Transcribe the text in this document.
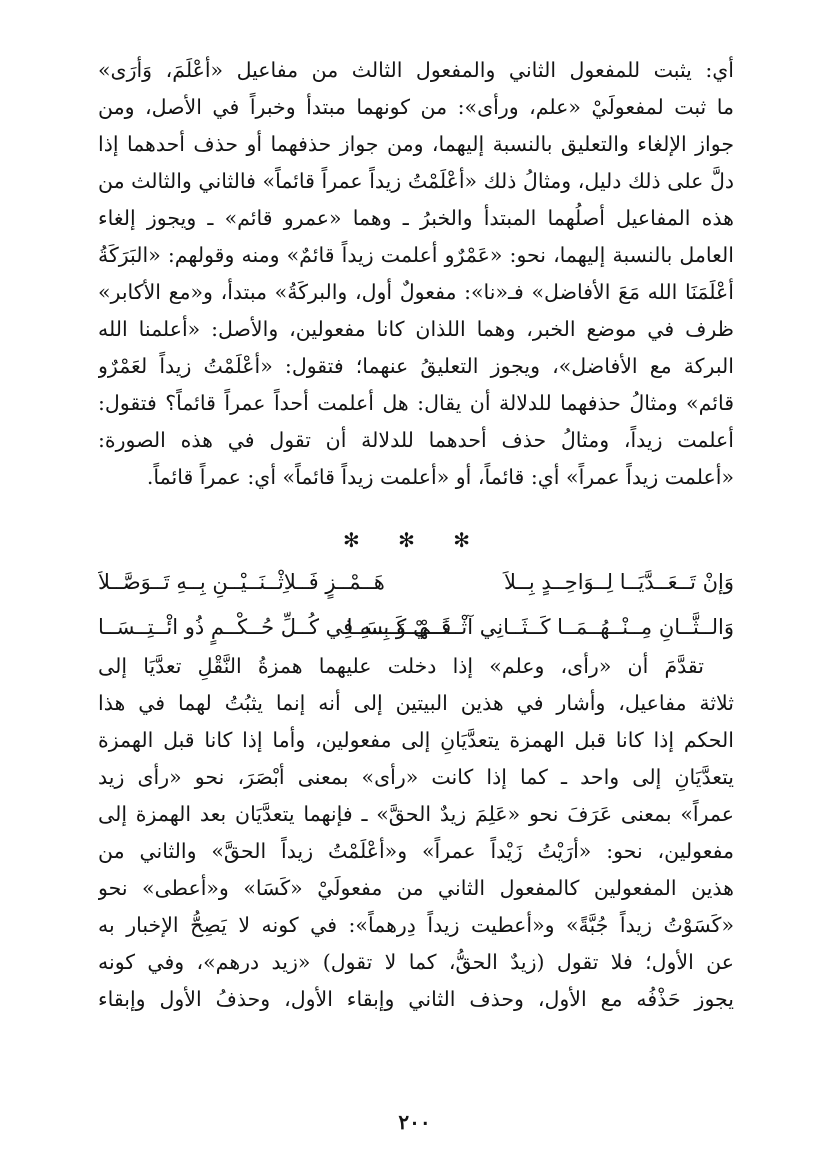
أي: يثبت للمفعول الثاني والمفعول الثالث من مفاعيل «أعْلَمَ، وَأرَى»
ما ثبت لمفعولَيْ «علم، ورأى»: من كونهما مبتدأ وخبراً في الأصل، ومن
جواز الإلغاء والتعليق بالنسبة إليهما، ومن جواز حذفهما أو حذف أحدهما إذا
دلَّ على ذلك دليل، ومثالُ ذلك «أعْلَمْتُ زيداً عمراً قائماً» فالثاني والثالث من
هذه المفاعيل أصلُهما المبتدأ والخبرُ ـ وهما «عمرو قائم» ـ ويجوز إلغاء
العامل بالنسبة إليهما، نحو: «عَمْرٌو أعلمت زيداً قائمٌ» ومنه وقولهم: «البَرَكَةُ
أعْلَمَنَا الله مَعَ الأفاضل» فـ«نا»: مفعولٌ أول، والبركَةُ» مبتدأ، و«مع الأكابر»
ظرف في موضع الخبر، وهما اللذان كانا مفعولين، والأصل: «أعلمنا الله
البركة مع الأفاضل»، ويجوز التعليقُ عنهما؛ فتقول: «أعْلَمْتُ زيداً لعَمْرٌو
قائم» ومثالُ حذفهما للدلالة أن يقال: هل أعلمت أحداً عمراً قائماً؟ فتقول:
أعلمت زيداً، ومثالُ حذف أحدهما للدلالة أن تقول في هذه الصورة:
«أعلمت زيداً عمراً» أي: قائماً، أو «أعلمت زيداً قائماً» أي: عمراً قائماً.
✻ ✻ ✻
وَإنْ تَــعَــدَّيَــا لِــوَاحِــدٍ بِــلاَ
هَــمْــزٍ فَــلاِثْــنَــيْــنِ بِــهِ تَــوَصَّــلاَ
وَالــثَّــانِ مِــنْــهُــمَــا كَــثَــانِي آثْــنَــيْ كَــسَــا
فَــهْــوَ بِــهِ فِي كُــلِّ حُــكْــمٍ ذُو ائْــتِــسَــا
تقدَّمَ أن «رأى، وعلم» إذا دخلت عليهما همزةُ النَّقْلِ تعدَّيَا إلى
ثلاثة مفاعيل، وأشار في هذين البيتين إلى أنه إنما يثبُتُ لهما في هذا
الحكم إذا كانا قبل الهمزة يتعدَّيَانِ إلى مفعولين، وأما إذا كانا قبل الهمزة
يتعدَّيَانِ إلى واحد ـ كما إذا كانت «رأى» بمعنى أبْصَرَ، نحو «رأى زيد
عمراً» بمعنى عَرَفَ نحو «عَلِمَ زيدٌ الحقَّ» ـ فإنهما يتعدَّيَان بعد الهمزة إلى
مفعولين، نحو: «أرَيْتُ زَيْداً عمراً» و«أعْلَمْتُ زيداً الحقَّ» والثاني من
هذين المفعولين كالمفعول الثاني من مفعولَيْ «كَسَا» و«أعطى» نحو
«كَسَوْتُ زيداً جُبَّةً» و«أعطيت زيداً دِرهماً»: في كونه لا يَصِحُّ الإخبار به
عن الأول؛ فلا تقول (زيدٌ الحقُّ، كما لا تقول) «زيد درهم»، وفي كونه
يجوز حَذْفُه مع الأول، وحذف الثاني وإبقاء الأول، وحذفُ الأول وإبقاء
٢٠٠
